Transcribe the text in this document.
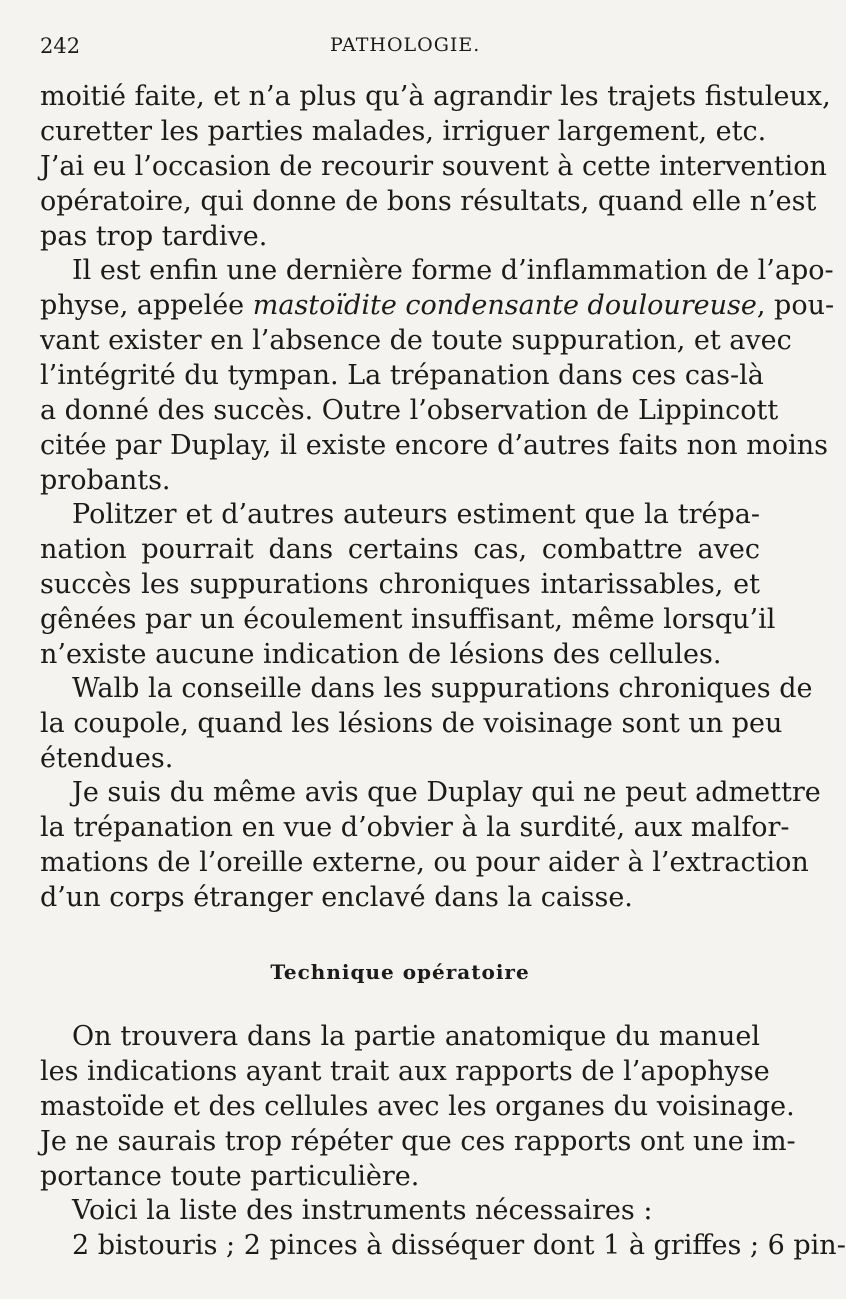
242	PATHOLOGIE.
moitié faite, et n’a plus qu’à agrandir les trajets fistuleux,
curetter les parties malades, irriguer largement, etc.
J’ai eu l’occasion de recourir souvent à cette intervention
opératoire, qui donne de bons résultats, quand elle n’est
pas trop tardive.
Il est enfin une dernière forme d’inflammation de l’apo-
physe, appelée mastoïdite condensante douloureuse, pou-
vant exister en l’absence de toute suppuration, et avec
l’intégrité du tympan. La trépanation dans ces cas-là
a donné des succès. Outre l’observation de Lippincott
citée par Duplay, il existe encore d’autres faits non moins
probants.
Politzer et d’autres auteurs estiment que la trépa-
nation pourrait dans certains cas, combattre avec
succès les suppurations chroniques intarissables, et
gênées par un écoulement insuffisant, même lorsqu’il
n’existe aucune indication de lésions des cellules.
Walb la conseille dans les suppurations chroniques de
la coupole, quand les lésions de voisinage sont un peu
étendues.
Je suis du même avis que Duplay qui ne peut admettre
la trépanation en vue d’obvier à la surdité, aux malfor-
mations de l’oreille externe, ou pour aider à l’extraction
d’un corps étranger enclavé dans la caisse.
Technique opératoire
On trouvera dans la partie anatomique du manuel
les indications ayant trait aux rapports de l’apophyse
mastoïde et des cellules avec les organes du voisinage.
Je ne saurais trop répéter que ces rapports ont une im-
portance toute particulière.
Voici la liste des instruments nécessaires :
2 bistouris ; 2 pinces à disséquer dont 1 à griffes ; 6 pin-
